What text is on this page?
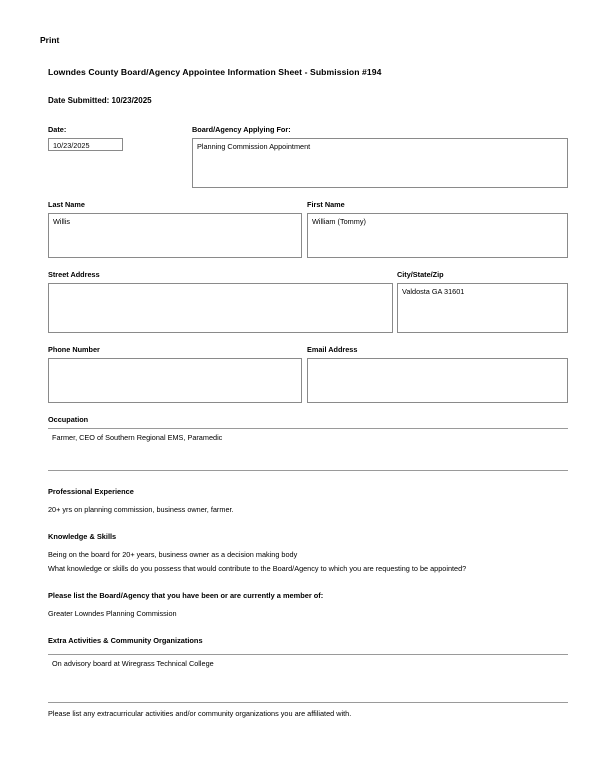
Print
Lowndes County Board/Agency Appointee Information Sheet - Submission #194
Date Submitted: 10/23/2025
Date:
10/23/2025
Board/Agency Applying For:
Planning Commission Appointment
Last Name
Willis
First Name
William (Tommy)
Street Address	City/State/Zip
Valdosta GA 31601
Phone Number	Email Address
Occupation
Farmer, CEO of Southern Regional EMS, Paramedic
Professional Experience
20+ yrs on planning commission, business owner, farmer.
Knowledge & Skills
Being on the board for 20+ years, business owner as a decision making body
What knowledge or skills do you possess that would contribute to the Board/Agency to which you are requesting to be appointed?
Please list the Board/Agency that you have been or are currently a member of:
Greater Lowndes Planning Commission
Extra Activities & Community Organizations
On advisory board at Wiregrass Technical College
Please list any extracurricular activities and/or community organizations you are affiliated with.
